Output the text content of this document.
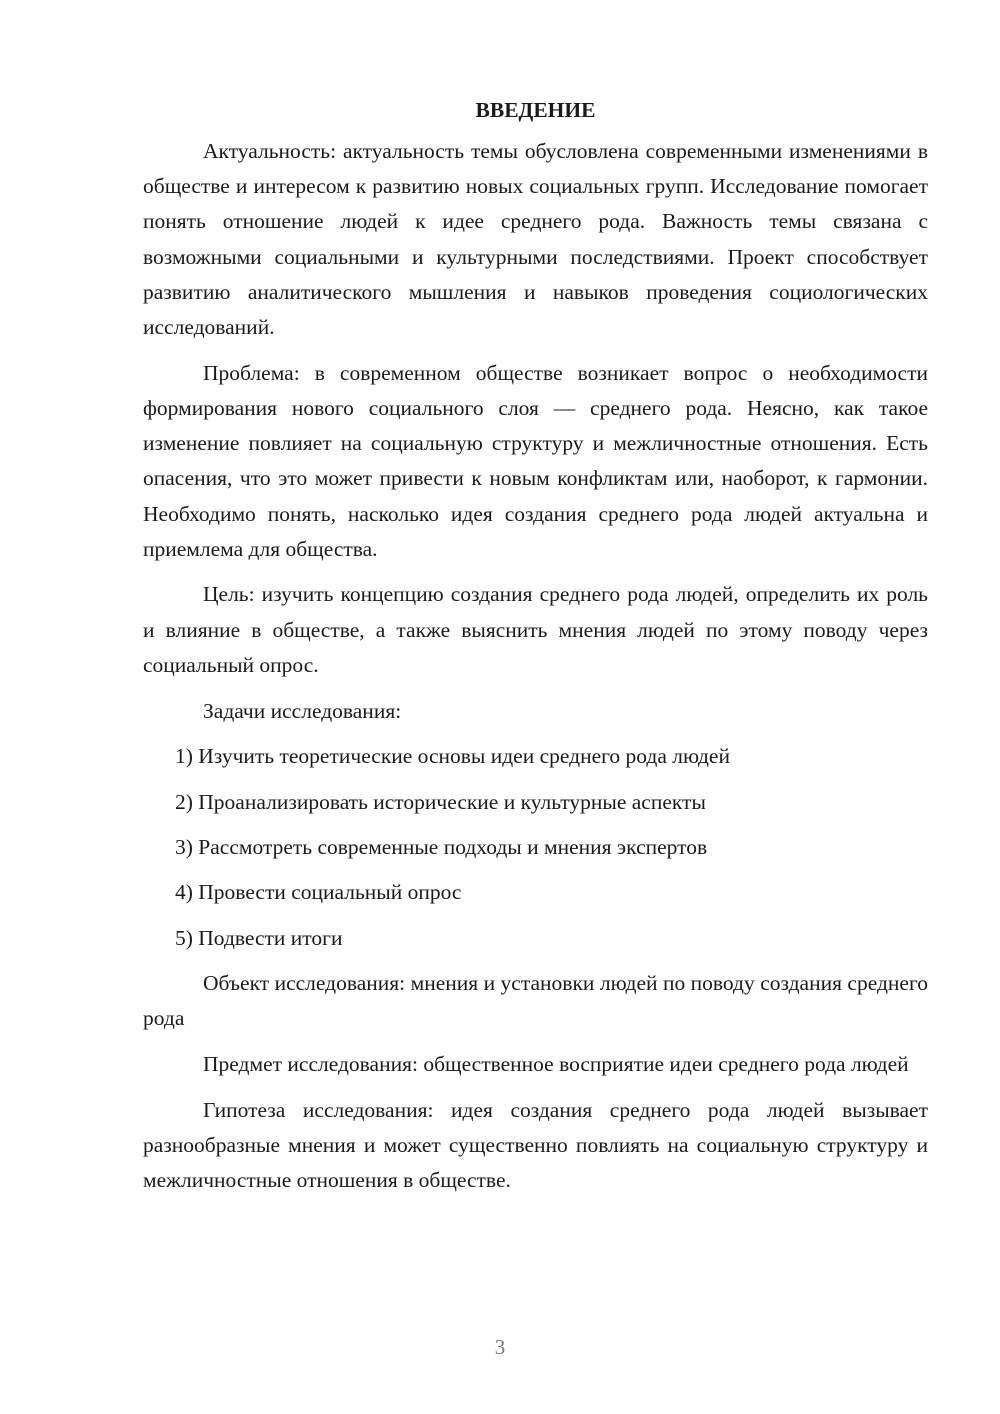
ВВЕДЕНИЕ

Актуальность: актуальность темы обусловлена современными изменениями в обществе и интересом к развитию новых социальных групп. Исследование помогает понять отношение людей к идее среднего рода. Важность темы связана с возможными социальными и культурными последствиями. Проект способствует развитию аналитического мышления и навыков проведения социологических исследований.

Проблема: в современном обществе возникает вопрос о необходимости формирования нового социального слоя — среднего рода. Неясно, как такое изменение повлияет на социальную структуру и межличностные отношения. Есть опасения, что это может привести к новым конфликтам или, наоборот, к гармонии. Необходимо понять, насколько идея создания среднего рода людей актуальна и приемлема для общества.

Цель: изучить концепцию создания среднего рода людей, определить их роль и влияние в обществе, а также выяснить мнения людей по этому поводу через социальный опрос.

Задачи исследования:

1) Изучить теоретические основы идеи среднего рода людей
2) Проанализировать исторические и культурные аспекты
3) Рассмотреть современные подходы и мнения экспертов
4) Провести социальный опрос
5) Подвести итоги

Объект исследования: мнения и установки людей по поводу создания среднего рода

Предмет исследования: общественное восприятие идеи среднего рода людей

Гипотеза исследования: идея создания среднего рода людей вызывает разнообразные мнения и может существенно повлиять на социальную структуру и межличностные отношения в обществе.

3
